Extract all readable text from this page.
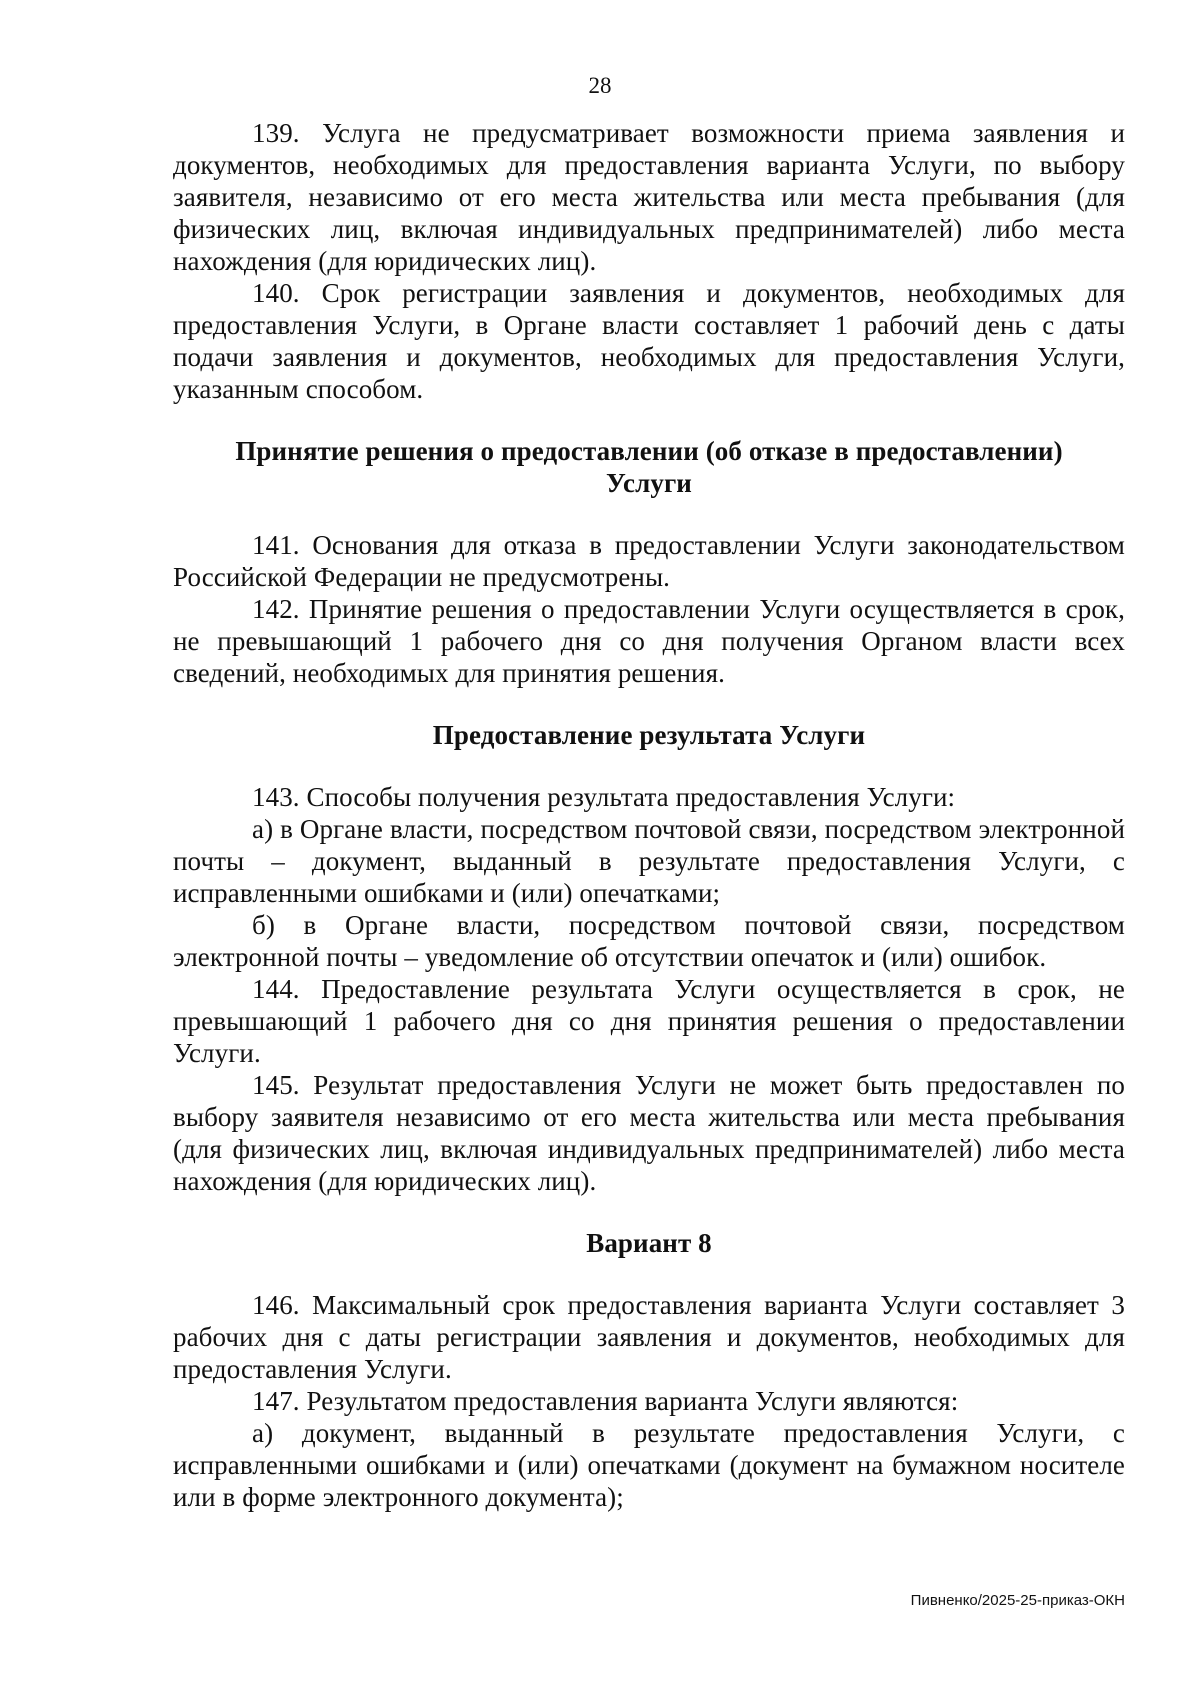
28

139. Услуга не предусматривает возможности приема заявления и документов, необходимых для предоставления варианта Услуги, по выбору заявителя, независимо от его места жительства или места пребывания (для физических лиц, включая индивидуальных предпринимателей) либо места нахождения (для юридических лиц).

140. Срок регистрации заявления и документов, необходимых для предоставления Услуги, в Органе власти составляет 1 рабочий день с даты подачи заявления и документов, необходимых для предоставления Услуги, указанным способом.

Принятие решения о предоставлении (об отказе в предоставлении)

Услуги

141. Основания для отказа в предоставлении Услуги законодательством Российской Федерации не предусмотрены.

142. Принятие решения о предоставлении Услуги осуществляется в срок, не превышающий 1 рабочего дня со дня получения Органом власти всех сведений, необходимых для принятия решения.

Предоставление результата Услуги

143. Способы получения результата предоставления Услуги:

а) в Органе власти, посредством почтовой связи, посредством электронной почты – документ, выданный в результате предоставления Услуги, с исправленными ошибками и (или) опечатками;

б) в Органе власти, посредством почтовой связи, посредством электронной почты – уведомление об отсутствии опечаток и (или) ошибок.

144. Предоставление результата Услуги осуществляется в срок, не превышающий 1 рабочего дня со дня принятия решения о предоставлении Услуги.

145. Результат предоставления Услуги не может быть предоставлен по выбору заявителя независимо от его места жительства или места пребывания (для физических лиц, включая индивидуальных предпринимателей) либо места нахождения (для юридических лиц).

Вариант 8

146. Максимальный срок предоставления варианта Услуги составляет 3 рабочих дня с даты регистрации заявления и документов, необходимых для предоставления Услуги.

147. Результатом предоставления варианта Услуги являются:

а) документ, выданный в результате предоставления Услуги, с исправленными ошибками и (или) опечатками (документ на бумажном носителе или в форме электронного документа);

Пивненко/2025-25-приказ-ОКН
